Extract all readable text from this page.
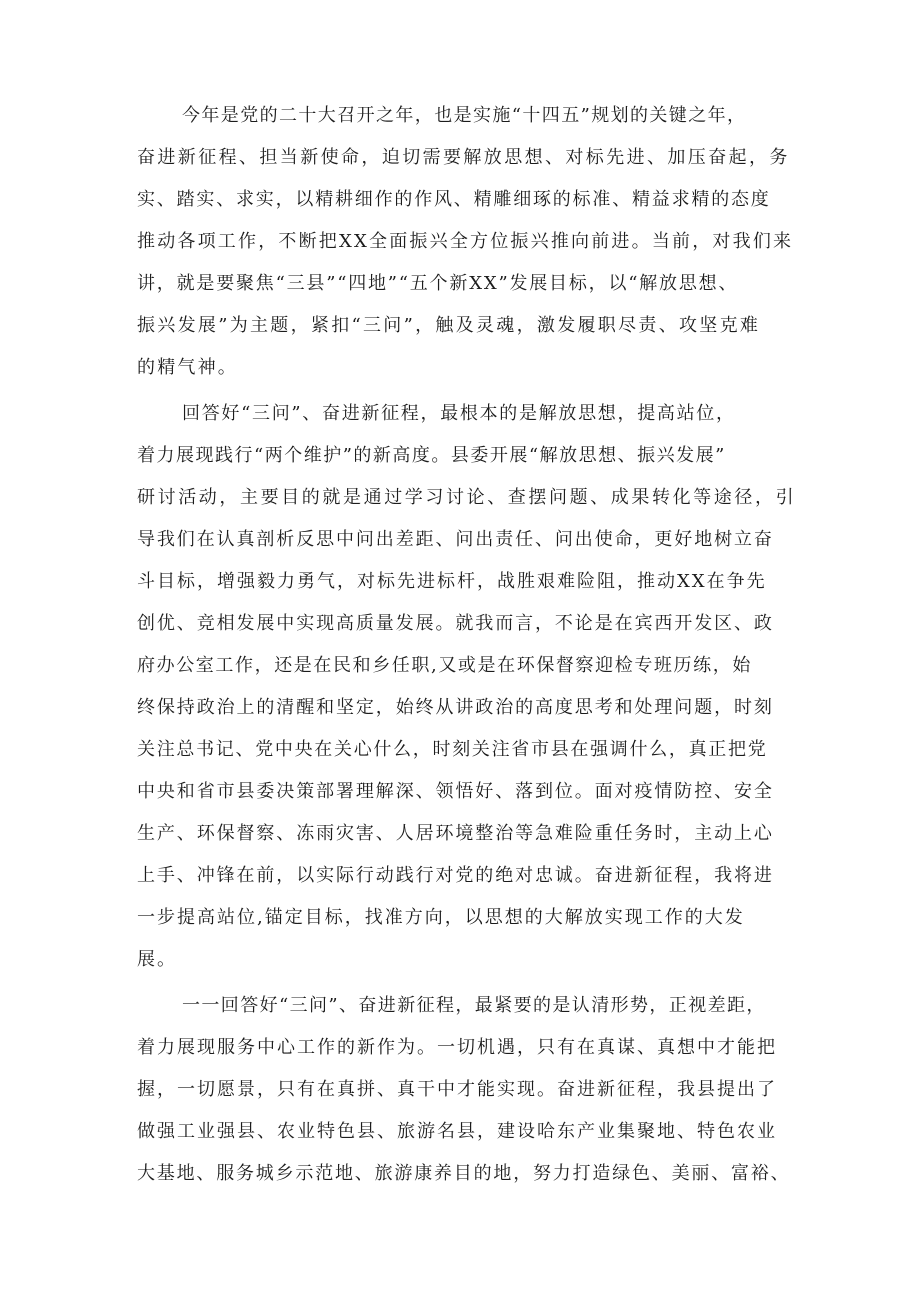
今年是党的二十大召开之年，也是实施“十四五”规划的关键之年，

奋进新征程、担当新使命，迫切需要解放思想、对标先进、加压奋起，务

实、踏实、求实，以精耕细作的作风、精雕细琢的标准、精益求精的态度

推动各项工作，不断把XX全面振兴全方位振兴推向前进。当前，对我们来

讲，就是要聚焦“三县”“四地”“五个新XX”发展目标，以“解放思想、

振兴发展”为主题，紧扣“三问”，触及灵魂，激发履职尽责、攻坚克难

的精气神。

回答好“三问”、奋进新征程，最根本的是解放思想，提高站位，

着力展现践行“两个维护”的新高度。县委开展“解放思想、振兴发展”

研讨活动，主要目的就是通过学习讨论、查摆问题、成果转化等途径，引

导我们在认真剖析反思中问出差距、问出责任、问出使命，更好地树立奋

斗目标，增强毅力勇气，对标先进标杆，战胜艰难险阻，推动XX在争先

创优、竞相发展中实现高质量发展。就我而言，不论是在宾西开发区、政

府办公室工作，还是在民和乡任职,又或是在环保督察迎检专班历练，始

终保持政治上的清醒和坚定，始终从讲政治的高度思考和处理问题，时刻

关注总书记、党中央在关心什么，时刻关注省市县在强调什么，真正把党

中央和省市县委决策部署理解深、领悟好、落到位。面对疫情防控、安全

生产、环保督察、冻雨灾害、人居环境整治等急难险重任务时，主动上心

上手、冲锋在前，以实际行动践行对党的绝对忠诚。奋进新征程，我将进

一步提高站位,锚定目标，找准方向，以思想的大解放实现工作的大发

展。

一一回答好“三问”、奋进新征程，最紧要的是认清形势，正视差距，

着力展现服务中心工作的新作为。一切机遇，只有在真谋、真想中才能把

握，一切愿景，只有在真拼、真干中才能实现。奋进新征程，我县提出了

做强工业强县、农业特色县、旅游名县，建设哈东产业集聚地、特色农业

大基地、服务城乡示范地、旅游康养目的地，努力打造绿色、美丽、富裕、
